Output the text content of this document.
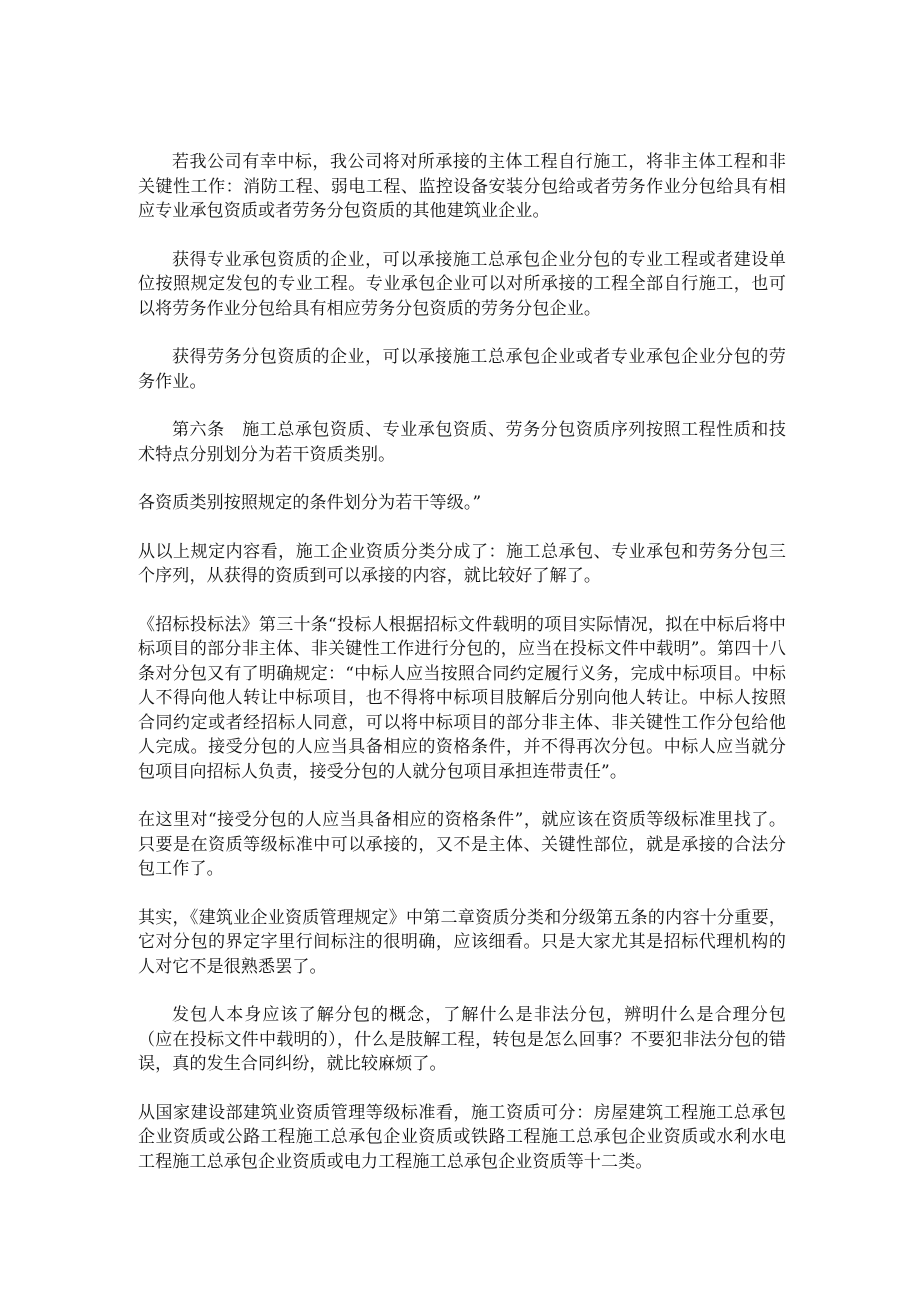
若我公司有幸中标，我公司将对所承接的主体工程自行施工，将非主体工程和非关键性工作：消防工程、弱电工程、监控设备安装分包给或者劳务作业分包给具有相应专业承包资质或者劳务分包资质的其他建筑业企业。

获得专业承包资质的企业，可以承接施工总承包企业分包的专业工程或者建设单位按照规定发包的专业工程。专业承包企业可以对所承接的工程全部自行施工，也可以将劳务作业分包给具有相应劳务分包资质的劳务分包企业。

获得劳务分包资质的企业，可以承接施工总承包企业或者专业承包企业分包的劳务作业。

第六条　施工总承包资质、专业承包资质、劳务分包资质序列按照工程性质和技术特点分别划分为若干资质类别。

各资质类别按照规定的条件划分为若干等级。”

从以上规定内容看，施工企业资质分类分成了：施工总承包、专业承包和劳务分包三个序列，从获得的资质到可以承接的内容，就比较好了解了。

《招标投标法》第三十条“投标人根据招标文件载明的项目实际情况，拟在中标后将中标项目的部分非主体、非关键性工作进行分包的，应当在投标文件中载明”。第四十八条对分包又有了明确规定：“中标人应当按照合同约定履行义务，完成中标项目。中标人不得向他人转让中标项目，也不得将中标项目肢解后分别向他人转让。中标人按照合同约定或者经招标人同意，可以将中标项目的部分非主体、非关键性工作分包给他人完成。接受分包的人应当具备相应的资格条件，并不得再次分包。中标人应当就分包项目向招标人负责，接受分包的人就分包项目承担连带责任”。

在这里对“接受分包的人应当具备相应的资格条件”，就应该在资质等级标准里找了。只要是在资质等级标准中可以承接的，又不是主体、关键性部位，就是承接的合法分包工作了。

其实，《建筑业企业资质管理规定》中第二章资质分类和分级第五条的内容十分重要，它对分包的界定字里行间标注的很明确，应该细看。只是大家尤其是招标代理机构的人对它不是很熟悉罢了。

发包人本身应该了解分包的概念，了解什么是非法分包，辨明什么是合理分包（应在投标文件中载明的），什么是肢解工程，转包是怎么回事？不要犯非法分包的错误，真的发生合同纠纷，就比较麻烦了。

从国家建设部建筑业资质管理等级标准看，施工资质可分：房屋建筑工程施工总承包企业资质或公路工程施工总承包企业资质或铁路工程施工总承包企业资质或水利水电工程施工总承包企业资质或电力工程施工总承包企业资质等十二类。
